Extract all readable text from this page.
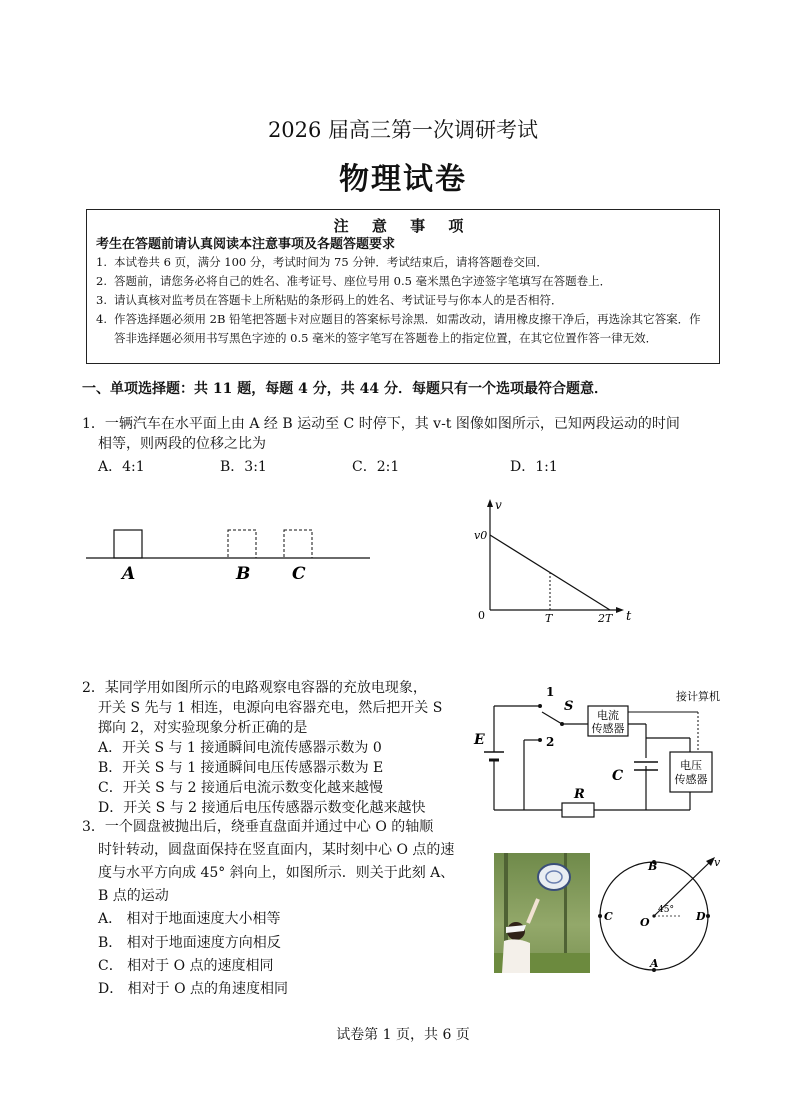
2026 届高三第一次调研考试
物理试卷
注 意 事 项
考生在答题前请认真阅读本注意事项及各题答题要求
1. 本试卷共 6 页，满分 100 分，考试时间为 75 分钟．考试结束后，请将答题卷交回．
2. 答题前，请您务必将自己的姓名、准考证号、座位号用 0.5 毫米黑色字迹签字笔填写在答题卷上．
3. 请认真核对监考员在答题卡上所粘贴的条形码上的姓名、考试证号与你本人的是否相符．
4. 作答选择题必须用 2B 铅笔把答题卡对应题目的答案标号涂黑．如需改动，请用橡皮擦干净后，再选涂其它答案．作答非选择题必须用书写黑色字迹的 0.5 毫米的签字笔写在答题卷上的指定位置，在其它位置作答一律无效．
一、单项选择题：共 11 题，每题 4 分，共 44 分．每题只有一个选项最符合题意．
1．一辆汽车在水平面上由 A 经 B 运动至 C 时停下，其 v-t 图像如图所示，已知两段运动的时间
相等，则两段的位移之比为
A．4:1	B．3:1	C．2:1	D．1:1
A	B C
v
t
v0
0	T	2T
2．某同学用如图所示的电路观察电容器的充放电现象，
开关 S 先与 1 相连，电源向电容器充电，然后把开关 S
掷向 2，对实验现象分析正确的是
A．开关 S 与 1 接通瞬间电流传感器示数为 0
B．开关 S 与 1 接通瞬间电压传感器示数为 E
C．开关 S 与 2 接通后电流示数变化越来越慢
D．开关 S 与 2 接通后电压传感器示数变化越来越快
电流
传感器
电压
传感器
接计算机
E
C
R
S
1
2
3．一个圆盘被抛出后，绕垂直盘面并通过中心 O 的轴顺
时针转动，圆盘面保持在竖直面内，某时刻中心 O 点的速
度与水平方向成 45° 斜向上，如图所示．则关于此刻 A、
B 点的运动
A． 相对于地面速度大小相等
B． 相对于地面速度方向相反
C． 相对于 O 点的速度相同
D． 相对于 O 点的角速度相同
B
A
C	D
O
v
45°
试卷第 1 页，共 6 页
